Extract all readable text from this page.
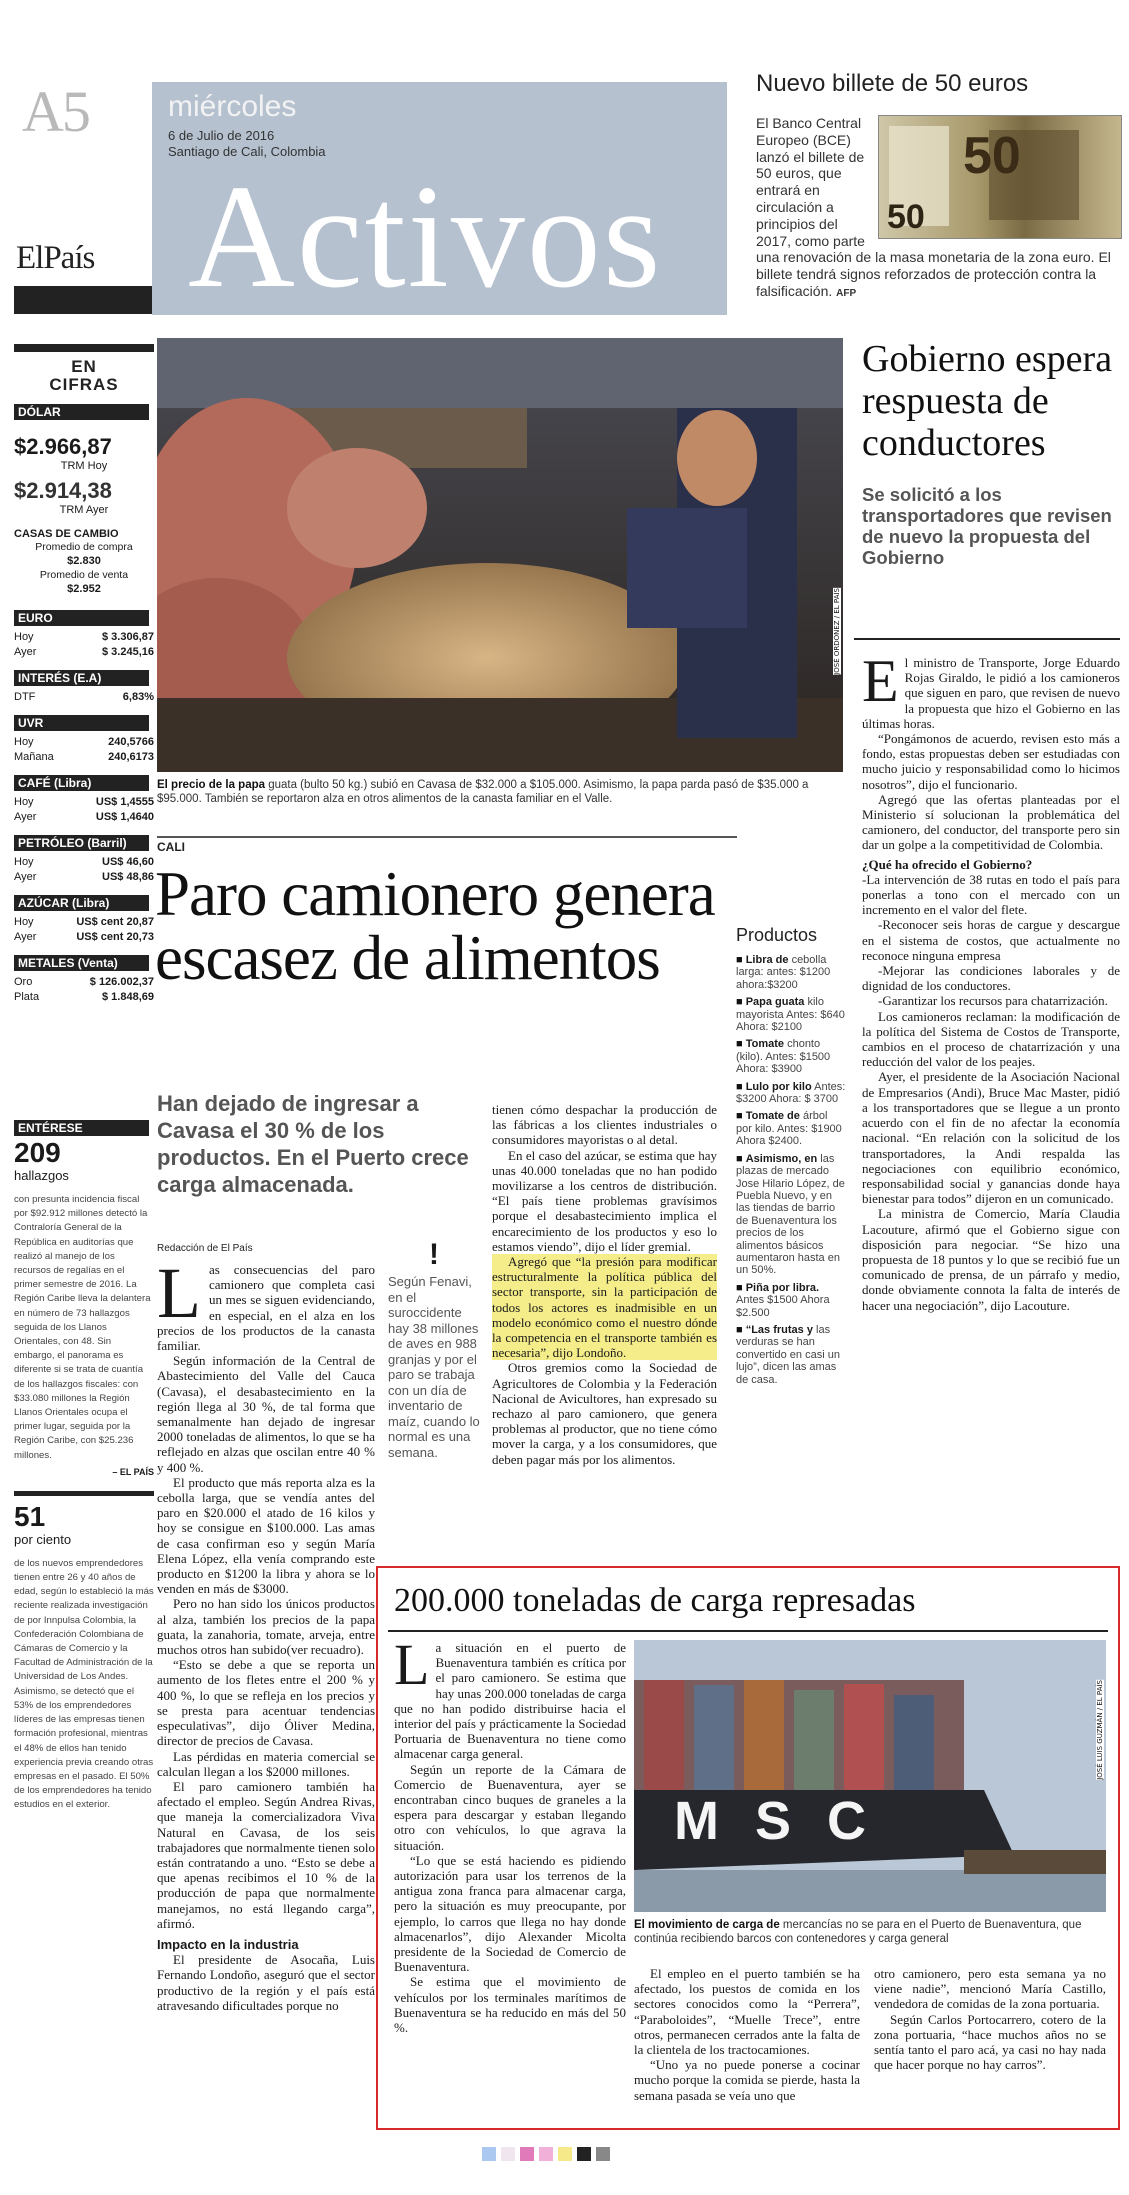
A5
ElPaís
miércoles
6 de Julio de 2016
Santiago de Cali, Colombia
Activos
Nuevo billete de 50 euros
50
50
El Banco Central Europeo (BCE) lanzó el billete de 50 euros, que entrará en circulación a principios del 2017, como parte una renovación de la masa monetaria de la zona euro. El billete tendrá signos reforzados de protección contra la falsificación. AFP
EN
CIFRAS
DÓLAR
$2.966,87
TRM Hoy
$2.914,38
TRM Ayer
CASAS DE CAMBIO
Promedio de compra
$2.830
Promedio de venta
$2.952
EURO
Hoy	$ 3.306,87
Ayer	$ 3.245,16
INTERÉS (E.A)
DTF	6,83%
UVR
Hoy	240,5766
Mañana	240,6173
CAFÉ (Libra)
Hoy	US$ 1,4555
Ayer	US$ 1,4640
PETRÓLEO (Barril)
Hoy	US$ 46,60
Ayer	US$ 48,86
AZÚCAR (Libra)
Hoy	US$ cent 20,87
Ayer	US$ cent 20,73
METALES (Venta)
Oro	$ 126.002,37
Plata	$ 1.848,69
ENTÉRESE
209
hallazgos
con presunta incidencia fiscal por $92.912 millones detectó la Contraloría General de la República en auditorías que realizó al manejo de los recursos de regalías en el primer semestre de 2016. La Región Caribe lleva la delantera en número de 73 hallazgos seguida de los Llanos Orientales, con 48. Sin embargo, el panorama es diferente si se trata de cuantía de los hallazgos fiscales: con $33.080 millones la Región Llanos Orientales ocupa el primer lugar, seguida por la Región Caribe, con $25.236 millones.
– EL PAÍS
51
por ciento
de los nuevos emprendedores tienen entre 26 y 40 años de edad, según lo estableció la más reciente realizada investigación de por Innpulsa Colombia, la Confederación Colombiana de Cámaras de Comercio y la Facultad de Administración de la Universidad de Los Andes. Asimismo, se detectó que el 53% de los emprendedores líderes de las empresas tienen formación profesional, mientras el 48% de ellos han tenido experiencia previa creando otras empresas en el pasado. El 50% de los emprendedores ha tenido estudios en el exterior.
JOSÉ ORDOÑEZ / EL PAÍS
El precio de la papa guata (bulto 50 kg.) subió en Cavasa de $32.000 a $105.000. Asimismo, la papa parda pasó de $35.000 a $95.000. También se reportaron alza en otros alimentos de la canasta familiar en el Valle.
Gobierno espera respuesta de conductores
Se solicitó a los transportadores que revisen de nuevo la propuesta del Gobierno

El ministro de Transporte, Jorge Eduardo Rojas Giraldo, le pidió a los camioneros que siguen en paro, que revisen de nuevo la propuesta que hizo el Gobierno en las últimas horas.

“Pongámonos de acuerdo, revisen esto más a fondo, estas propuestas deben ser estudiadas con mucho juicio y responsabilidad como lo hicimos nosotros”, dijo el funcionario.

Agregó que las ofertas planteadas por el Ministerio sí solucionan la problemática del camionero, del conductor, del transporte pero sin dar un golpe a la competitividad de Colombia.

¿Qué ha ofrecido el Gobierno?

-La intervención de 38 rutas en todo el país para ponerlas a tono con el mercado con un incremento en el valor del flete.

-Reconocer seis horas de cargue y descargue en el sistema de costos, que actualmente no reconoce ninguna empresa

-Mejorar las condiciones laborales y de dignidad de los conductores.

-Garantizar los recursos para chatarrización.

Los camioneros reclaman: la modificación de la política del Sistema de Costos de Transporte, cambios en el proceso de chatarrización y una reducción del valor de los peajes.

Ayer, el presidente de la Asociación Nacional de Empresarios (Andi), Bruce Mac Master, pidió a los transportadores que se llegue a un pronto acuerdo con el fin de no afectar la economía nacional. “En relación con la solicitud de los transportadores, la Andi respalda las negociaciones con equilibrio económico, responsabilidad social y ganancias donde haya bienestar para todos” dijeron en un comunicado.

La ministra de Comercio, María Claudia Lacouture, afirmó que el Gobierno sigue con disposición para negociar. “Se hizo una propuesta de 18 puntos y lo que se recibió fue un comunicado de prensa, de un párrafo y medio, donde obviamente connota la falta de interés de hacer una negociación”, dijo Lacouture.

CALI
Paro camionero genera escasez de alimentos
Han dejado de ingresar a Cavasa el 30 % de los productos. En el Puerto crece carga almacenada.
Redacción de El País

Las consecuencias del paro camionero que completa casi un mes se siguen evidenciando, en especial, en el alza en los precios de los productos de la canasta familiar.

Según información de la Central de Abastecimiento del Valle del Cauca (Cavasa), el desabastecimiento en la región llega al 30 %, de tal forma que semanalmente han dejado de ingresar 2000 toneladas de alimentos, lo que se ha reflejado en alzas que oscilan entre 40 % y 400 %.

El producto que más reporta alza es la cebolla larga, que se vendía antes del paro en $20.000 el atado de 16 kilos y hoy se consigue en $100.000. Las amas de casa confirman eso y según María Elena López, ella venía comprando este producto en $1200 la libra y ahora se lo venden en más de $3000.

Pero no han sido los únicos productos al alza, también los precios de la papa guata, la zanahoria, tomate, arveja, entre muchos otros han subido(ver recuadro).

“Esto se debe a que se reporta un aumento de los fletes entre el 200 % y 400 %, lo que se refleja en los precios y se presta para acentuar tendencias especulativas”, dijo Óliver Medina, director de precios de Cavasa.

Las pérdidas en materia comercial se calculan llegan a los $2000 millones.

El paro camionero también ha afectado el empleo. Según Andrea Rivas, que maneja la comercializadora Viva Natural en Cavasa, de los seis trabajadores que normalmente tienen solo están contratando a uno. “Esto se debe a que apenas recibimos el 10 % de la producción de papa que normalmente manejamos, no está llegando carga”, afirmó.

Impacto en la industria

El presidente de Asocaña, Luis Fernando Londoño, aseguró que el sector productivo de la región y el país está atravesando dificultades porque no

!
Según Fenavi, en el suroccidente hay 38 millones de aves en 988 granjas y por el paro se trabaja con un día de inventario de maíz, cuando lo normal es una semana.

tienen cómo despachar la producción de las fábricas a los clientes industriales o consumidores mayoristas o al detal.

En el caso del azúcar, se estima que hay unas 40.000 toneladas que no han podido movilizarse a los centros de distribución. “El país tiene problemas gravísimos porque el desabastecimiento implica el encarecimiento de los productos y eso lo estamos viendo”, dijo el líder gremial.

Agregó que “la presión para modificar estructuralmente la política pública del sector transporte, sin la participación de todos los actores es inadmisible en un modelo económico como el nuestro dónde la competencia en el transporte también es necesaria”, dijo Londoño.

Otros gremios como la Sociedad de Agricultores de Colombia y la Federación Nacional de Avicultores, han expresado su rechazo al paro camionero, que genera problemas al productor, que no tiene cómo mover la carga, y a los consumidores, que deben pagar más por los alimentos.

Productos
■ Libra de cebolla larga: antes: $1200 ahora:$3200
■ Papa guata kilo mayorista Antes: $640 Ahora: $2100
■ Tomate chonto (kilo). Antes: $1500 Ahora: $3900
■ Lulo por kilo Antes: $3200 Ahora: $ 3700
■ Tomate de árbol por kilo. Antes: $1900 Ahora $2400.
■ Asimismo, en las plazas de mercado Jose Hilario López, de Puebla Nuevo, y en las tiendas de barrio de Buenaventura los precios de los alimentos básicos aumentaron hasta en un 50%.
■ Piña por libra. Antes $1500 Ahora $2.500
■ “Las frutas y las verduras se han convertido en casi un lujo”, dicen las amas de casa.
200.000 toneladas de carga represadas

La situación en el puerto de Buenaventura también es crítica por el paro camionero. Se estima que hay unas 200.000 toneladas de carga que no han podido distribuirse hacia el interior del país y prácticamente la Sociedad Portuaria de Buenaventura no tiene como almacenar carga general.

Según un reporte de la Cámara de Comercio de Buenaventura, ayer se encontraban cinco buques de graneles a la espera para descargar y estaban llegando otro con vehículos, lo que agrava la situación.

“Lo que se está haciendo es pidiendo autorización para usar los terrenos de la antigua zona franca para almacenar carga, pero la situación es muy preocupante, por ejemplo, lo carros que llega no hay donde almacenarlos”, dijo Alexander Micolta presidente de la Sociedad de Comercio de Buenaventura.

Se estima que el movimiento de vehículos por los terminales marítimos de Buenaventura se ha reducido en más del 50 %.

MSC
JOSÉ LUIS GUZMÁN / EL PAÍS
El movimiento de carga de mercancías no se para en el Puerto de Buenaventura, que continúa recibiendo barcos con contenedores y carga general

El empleo en el puerto también se ha afectado, los puestos de comida en los sectores conocidos como la “Perrera”, “Paraboloides”, “Muelle Trece”, entre otros, permanecen cerrados ante la falta de la clientela de los tractocamiones.

“Uno ya no puede ponerse a cocinar mucho porque la comida se pierde, hasta la semana pasada se veía uno que

otro camionero, pero esta semana ya no viene nadie”, mencionó María Castillo, vendedora de comidas de la zona portuaria.

Según Carlos Portocarrero, cotero de la zona portuaria, “hace muchos años no se sentía tanto el paro acá, ya casi no hay nada que hacer porque no hay carros”.
